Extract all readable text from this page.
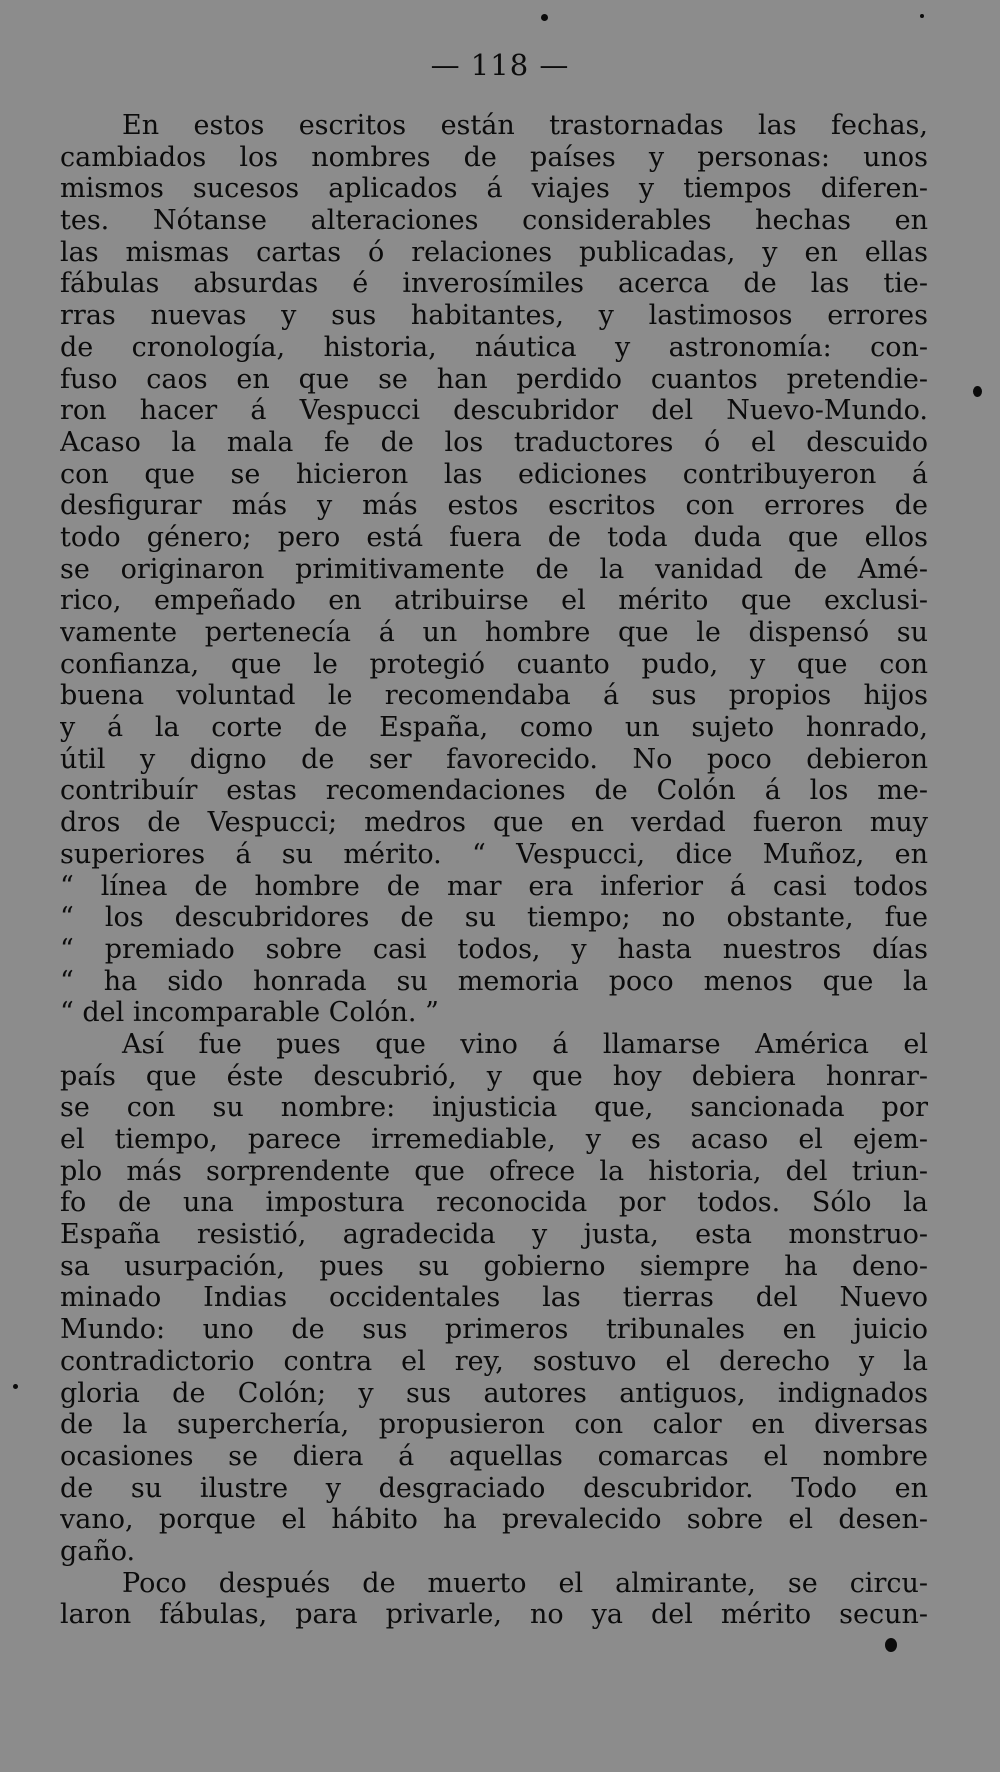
— 118 —
En estos escritos están trastornadas las fechas,
cambiados los nombres de países y personas: unos
mismos sucesos aplicados á viajes y tiempos diferen-
tes. Nótanse alteraciones considerables hechas en
las mismas cartas ó relaciones publicadas, y en ellas
fábulas absurdas é inverosímiles acerca de las tie-
rras nuevas y sus habitantes, y lastimosos errores
de cronología, historia, náutica y astronomía: con-
fuso caos en que se han perdido cuantos pretendie-
ron hacer á Vespucci descubridor del Nuevo-Mundo.
Acaso la mala fe de los traductores ó el descuido
con que se hicieron las ediciones contribuyeron á
desfigurar más y más estos escritos con errores de
todo género; pero está fuera de toda duda que ellos
se originaron primitivamente de la vanidad de Amé-
rico, empeñado en atribuirse el mérito que exclusi-
vamente pertenecía á un hombre que le dispensó su
confianza, que le protegió cuanto pudo, y que con
buena voluntad le recomendaba á sus propios hijos
y á la corte de España, como un sujeto honrado,
útil y digno de ser favorecido. No poco debieron
contribuír estas recomendaciones de Colón á los me-
dros de Vespucci; medros que en verdad fueron muy
superiores á su mérito. “ Vespucci, dice Muñoz, en
“ línea de hombre de mar era inferior á casi todos
“ los descubridores de su tiempo; no obstante, fue
“ premiado sobre casi todos, y hasta nuestros días
“ ha sido honrada su memoria poco menos que la
“ del incomparable Colón. ”
Así fue pues que vino á llamarse América el
país que éste descubrió, y que hoy debiera honrar-
se con su nombre: injusticia que, sancionada por
el tiempo, parece irremediable, y es acaso el ejem-
plo más sorprendente que ofrece la historia, del triun-
fo de una impostura reconocida por todos. Sólo la
España resistió, agradecida y justa, esta monstruo-
sa usurpación, pues su gobierno siempre ha deno-
minado Indias occidentales las tierras del Nuevo
Mundo: uno de sus primeros tribunales en juicio
contradictorio contra el rey, sostuvo el derecho y la
gloria de Colón; y sus autores antiguos, indignados
de la superchería, propusieron con calor en diversas
ocasiones se diera á aquellas comarcas el nombre
de su ilustre y desgraciado descubridor. Todo en
vano, porque el hábito ha prevalecido sobre el desen-
gaño.
Poco después de muerto el almirante, se circu-
laron fábulas, para privarle, no ya del mérito secun-
